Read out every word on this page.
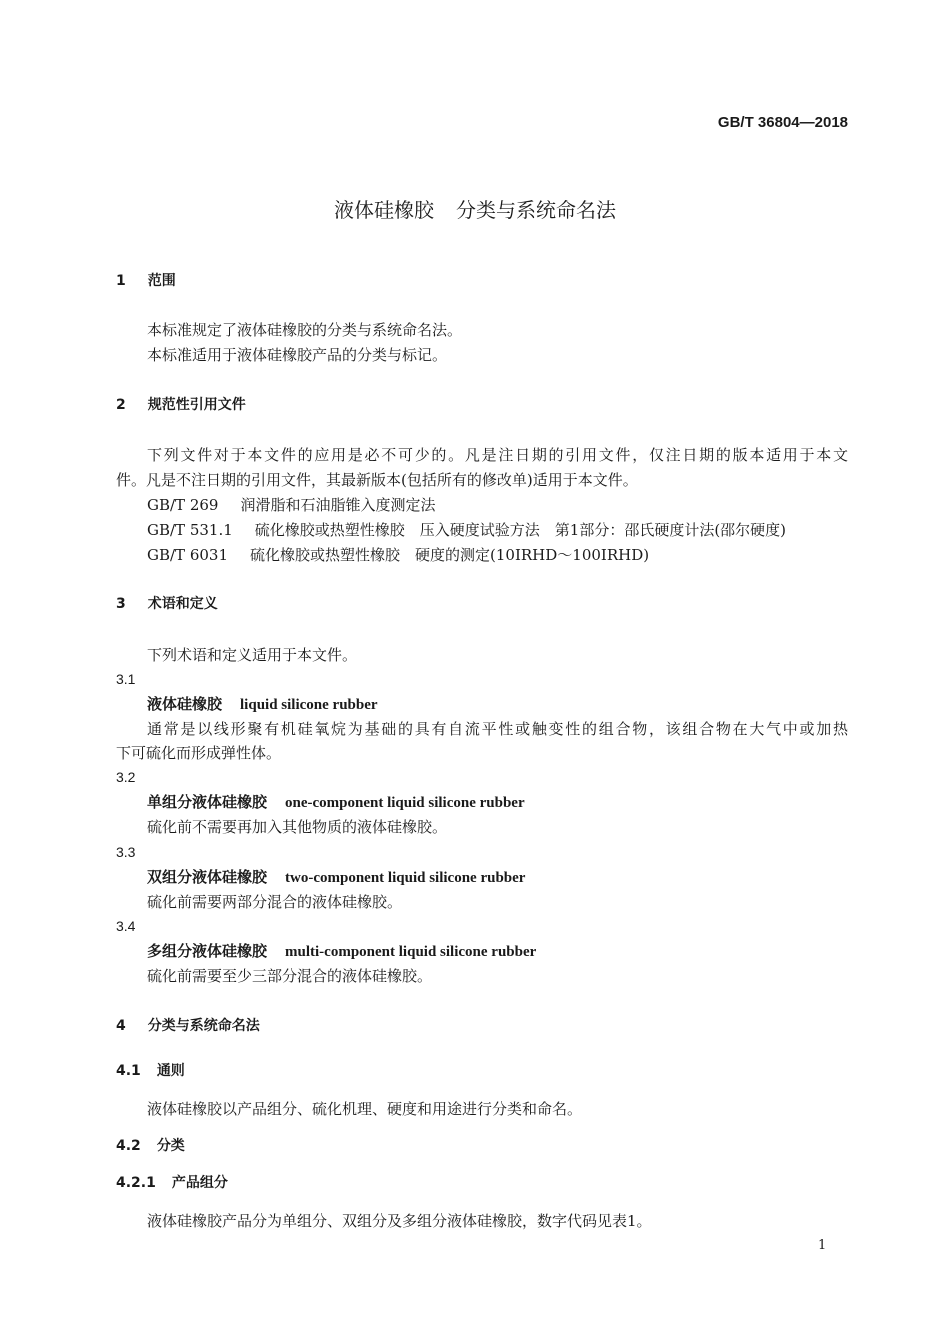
GB/T 36804—2018
液体硅橡胶 分类与系统命名法
1 范围
本标准规定了液体硅橡胶的分类与系统命名法。
本标准适用于液体硅橡胶产品的分类与标记。
2 规范性引用文件
下列文件对于本文件的应用是必不可少的。凡是注日期的引用文件，仅注日期的版本适用于本文
件。凡是不注日期的引用文件，其最新版本(包括所有的修改单)适用于本文件。
GB/T 269 润滑脂和石油脂锥入度测定法
GB/T 531.1 硫化橡胶或热塑性橡胶　压入硬度试验方法　第1部分：邵氏硬度计法(邵尔硬度)
GB/T 6031 硫化橡胶或热塑性橡胶　硬度的测定(10IRHD～100IRHD)
3 术语和定义
下列术语和定义适用于本文件。
3.1
液体硅橡胶 liquid silicone rubber
通常是以线形聚有机硅氧烷为基础的具有自流平性或触变性的组合物，该组合物在大气中或加热
下可硫化而形成弹性体。
3.2
单组分液体硅橡胶 one-component liquid silicone rubber
硫化前不需要再加入其他物质的液体硅橡胶。
3.3
双组分液体硅橡胶 two-component liquid silicone rubber
硫化前需要两部分混合的液体硅橡胶。
3.4
多组分液体硅橡胶 multi-component liquid silicone rubber
硫化前需要至少三部分混合的液体硅橡胶。
4 分类与系统命名法
4.1 通则
液体硅橡胶以产品组分、硫化机理、硬度和用途进行分类和命名。
4.2 分类
4.2.1 产品组分
液体硅橡胶产品分为单组分、双组分及多组分液体硅橡胶，数字代码见表1。
1
